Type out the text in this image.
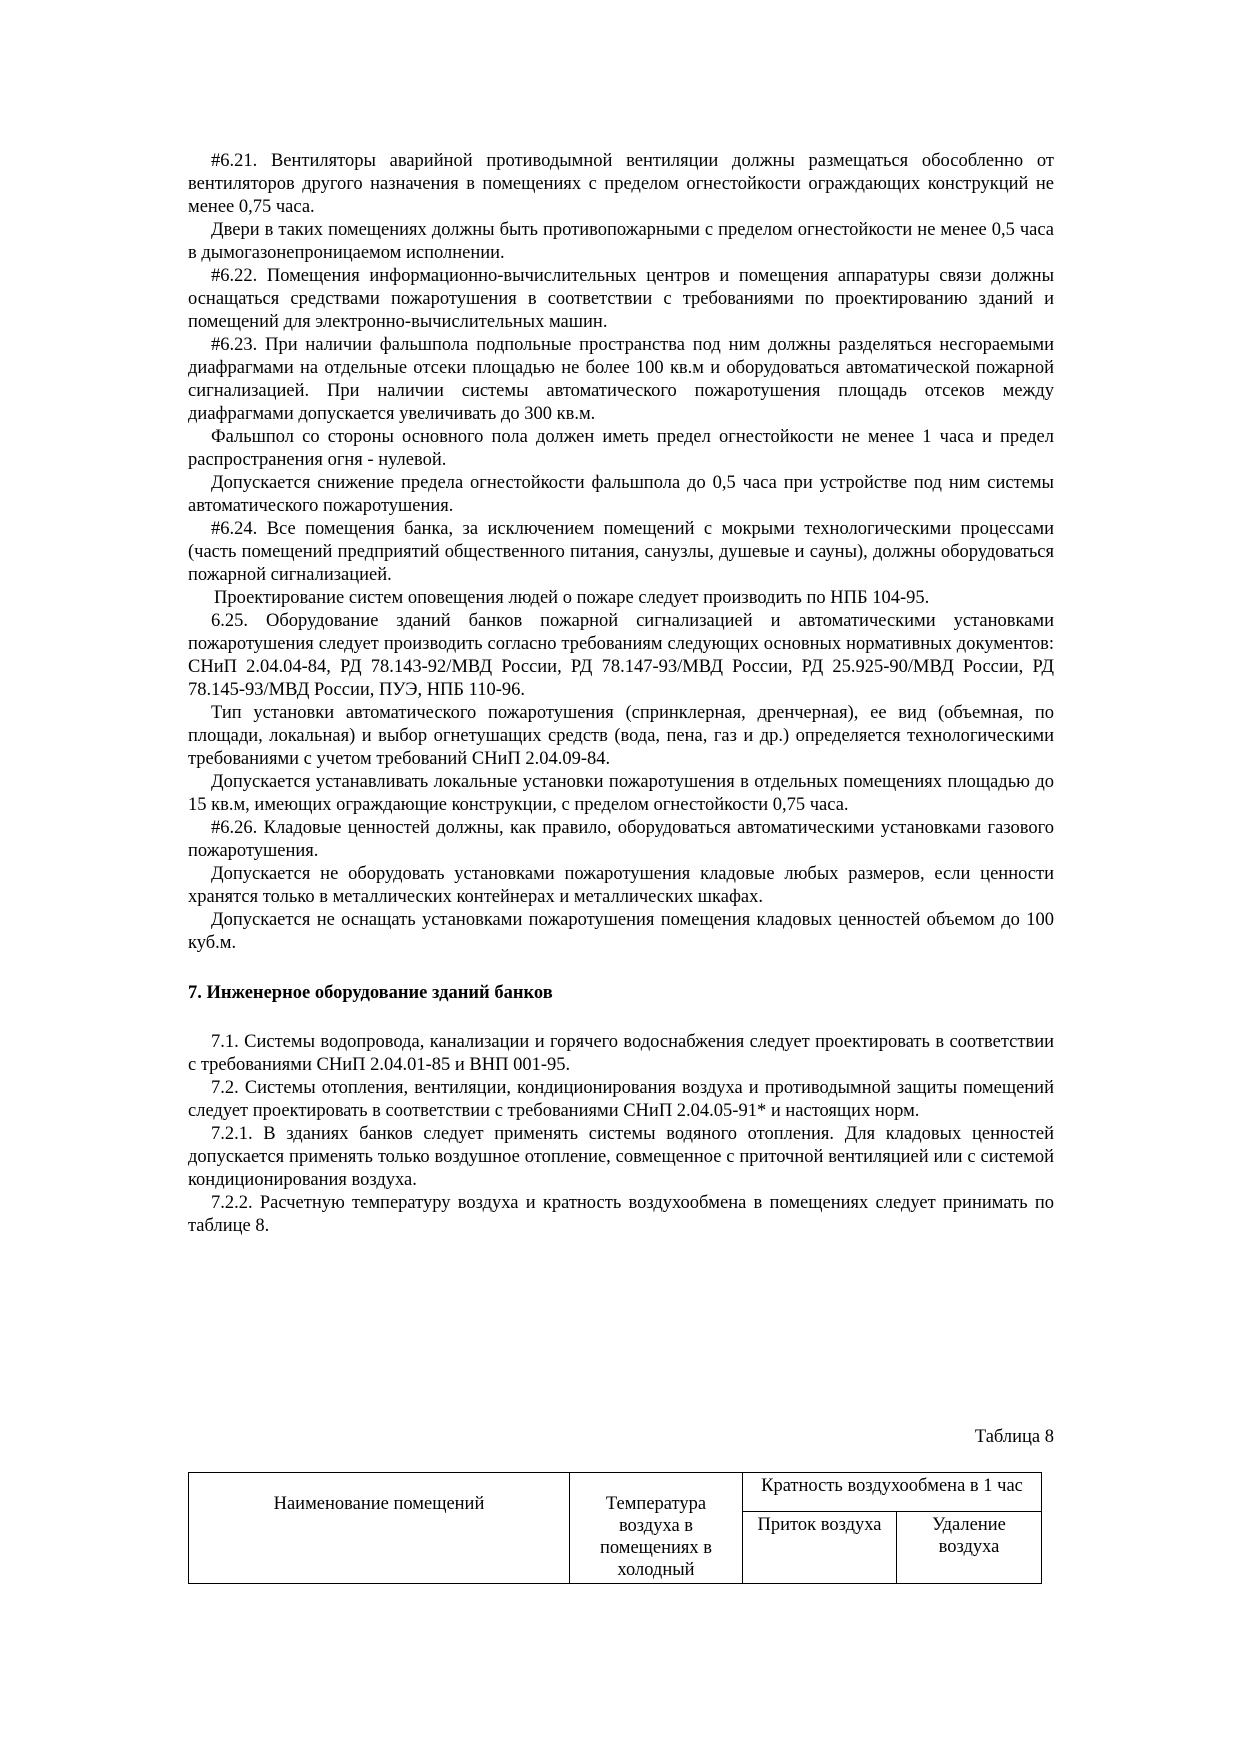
#6.21. Вентиляторы аварийной противодымной вентиляции должны размещаться обособленно от вентиляторов другого назначения в помещениях с пределом огнестойкости ограждающих конструкций не менее 0,75 часа.

Двери в таких помещениях должны быть противопожарными с пределом огнестойкости не менее 0,5 часа в дымогазонепроницаемом исполнении.

#6.22. Помещения информационно-вычислительных центров и помещения аппаратуры связи должны оснащаться средствами пожаротушения в соответствии с требованиями по проектированию зданий и помещений для электронно-вычислительных машин.

#6.23. При наличии фальшпола подпольные пространства под ним должны разделяться несгораемыми диафрагмами на отдельные отсеки площадью не более 100 кв.м и оборудоваться автоматической пожарной сигнализацией. При наличии системы автоматического пожаротушения площадь отсеков между диафрагмами допускается увеличивать до 300 кв.м.

Фальшпол со стороны основного пола должен иметь предел огнестойкости не менее 1 часа и предел распространения огня - нулевой.

Допускается снижение предела огнестойкости фальшпола до 0,5 часа при устройстве под ним системы автоматического пожаротушения.

#6.24. Все помещения банка, за исключением помещений с мокрыми технологическими процессами (часть помещений предприятий общественного питания, санузлы, душевые и сауны), должны оборудоваться пожарной сигнализацией.

Проектирование систем оповещения людей о пожаре следует производить по НПБ 104-95.

6.25. Оборудование зданий банков пожарной сигнализацией и автоматическими установками пожаротушения следует производить согласно требованиям следующих основных нормативных документов: СНиП 2.04.04-84, РД 78.143-92/МВД России, РД 78.147-93/МВД России, РД 25.925-90/МВД России, РД 78.145-93/МВД России, ПУЭ, НПБ 110-96.

Тип установки автоматического пожаротушения (спринклерная, дренчерная), ее вид (объемная, по площади, локальная) и выбор огнетушащих средств (вода, пена, газ и др.) определяется технологическими требованиями с учетом требований СНиП 2.04.09-84.

Допускается устанавливать локальные установки пожаротушения в отдельных помещениях площадью до 15 кв.м, имеющих ограждающие конструкции, с пределом огнестойкости 0,75 часа.

#6.26. Кладовые ценностей должны, как правило, оборудоваться автоматическими установками газового пожаротушения.

Допускается не оборудовать установками пожаротушения кладовые любых размеров, если ценности хранятся только в металлических контейнерах и металлических шкафах.

Допускается не оснащать установками пожаротушения помещения кладовых ценностей объемом до 100 куб.м.

7. Инженерное оборудование зданий банков

7.1. Системы водопровода, канализации и горячего водоснабжения следует проектировать в соответствии с требованиями СНиП 2.04.01-85 и ВНП 001-95.

7.2. Системы отопления, вентиляции, кондиционирования воздуха и противодымной защиты помещений следует проектировать в соответствии с требованиями СНиП 2.04.05-91* и настоящих норм.

7.2.1. В зданиях банков следует применять системы водяного отопления. Для кладовых ценностей допускается применять только воздушное отопление, совмещенное с приточной вентиляцией или с системой кондиционирования воздуха.

7.2.2. Расчетную температуру воздуха и кратность воздухообмена в помещениях следует принимать по таблице 8.

Таблица 8
Наименование помещений	Температура воздуха в помещениях в холодный	Кратность воздухообмена в 1 час	
		Приток воздуха	Удаление воздуха
